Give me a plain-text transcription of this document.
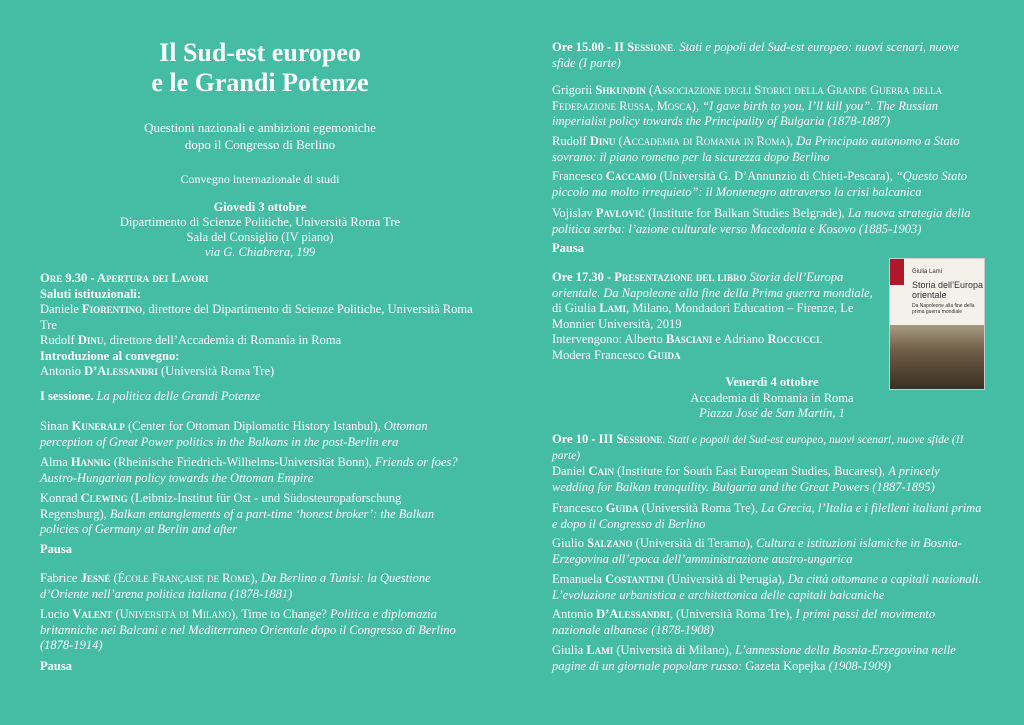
Il Sud-est europeo
e le Grandi Potenze
Questioni nazionali e ambizioni egemoniche
dopo il Congresso di Berlino
Convegno internazionale di studi
Giovedì 3 ottobre
Dipartimento di Scienze Politiche, Università Roma Tre
Sala del Consiglio (IV piano)
via G. Chiabrera, 199
Ore 9.30 - Apertura dei Lavori
Saluti istituzionali:
Daniele Fiorentino, direttore del Dipartimento di Scienze Politiche, Università Roma Tre
Rudolf Dinu, direttore dell’Accademia di Romania in Roma
Introduzione al convegno:
Antonio D’Alessandri (Università Roma Tre)
I sessione. La politica delle Grandi Potenze
Sinan Kuneralp (Center for Ottoman Diplomatic History Istanbul), Ottoman perception of Great Power politics in the Balkans in the post-Berlin era
Alma Hannig (Rheinische Friedrich-Wilhelms-Universität Bonn), Friends or foes? Austro-Hungarian policy towards the Ottoman Empire
Konrad Clewing (Leibniz-Institut für Ost - und Südosteuropaforschung Regensburg), Balkan entanglements of a part-time ‘honest broker’: the Balkan policies of Germany at Berlin and after
Pausa
Fabrice Jesné (École Française de Rome), Da Berlino a Tunisi: la Questione d’Oriente nell’arena politica italiana (1878-1881)
Lucio Valent (Università di Milano), Time to Change? Politica e diplomazia britanniche nei Balcani e nel Mediterraneo Orientale dopo il Congresso di Berlino (1878-1914)
Pausa
Ore 15.00 - II Sessione. Stati e popoli del Sud-est europeo: nuovi scenari, nuove sfide (I parte)
Grigorii Shkundin (Associazione degli Storici della Grande Guerra della Federazione Russa, Mosca), “I gave birth to you, I’ll kill you”. The Russian imperialist policy towards the Principality of Bulgaria (1878-1887)
Rudolf Dinu (Accademia di Romania in Roma), Da Principato autonomo a Stato sovrano: il piano romeno per la sicurezza dopo Berlino
Francesco Caccamo (Università G. D’Annunzio di Chieti-Pescara), “Questo Stato piccolo ma molto irrequieto”: il Montenegro attraverso la crisi balcanica
Vojislav Pavlović (Institute for Balkan Studies Belgrade), La nuova strategia della politica serba: l’azione culturale verso Macedonia e Kosovo (1885-1903)
Pausa
Ore 17.30 - Presentazione del libro Storia dell’Europa orientale. Da Napoleone alla fine della Prima guerra mondiale, di Giulia Lami, Milano, Mondadori Education – Firenze, Le Monnier Università, 2019
Intervengono: Alberto Basciani e Adriano Roccucci.
Modera Francesco Guida
Giulia Lami
Storia dell’Europa orientale
Da Napoleone alla fine della prima guerra mondiale
Venerdì 4 ottobre
Accademia di Romania in Roma
Piazza José de San Martín, 1
Ore 10 - III Sessione. Stati e popoli del Sud-est europeo, nuovi scenari, nuove sfide (II parte)
Daniel Cain (Institute for South East European Studies, Bucarest), A princely wedding for Balkan tranquility. Bulgaria and the Great Powers (1887-1895)
Francesco Guida (Università Roma Tre), La Grecia, l’Italia e i filelleni italiani prima e dopo il Congresso di Berlino
Giulio Salzano (Università di Teramo), Cultura e istituzioni islamiche in Bosnia-Erzegovina all’epoca dell’amministrazione austro-ungarica
Emanuela Costantini (Università di Perugia), Da città ottomane a capitali nazionali. L’evoluzione urbanistica e architettonica delle capitali balcaniche
Antonio D’Alessandri, (Università Roma Tre), I primi passi del movimento nazionale albanese (1878-1908)
Giulia Lami (Università di Milano), L’annessione della Bosnia-Erzegovina nelle pagine di un giornale popolare russo: Gazeta Kopejka (1908-1909)
